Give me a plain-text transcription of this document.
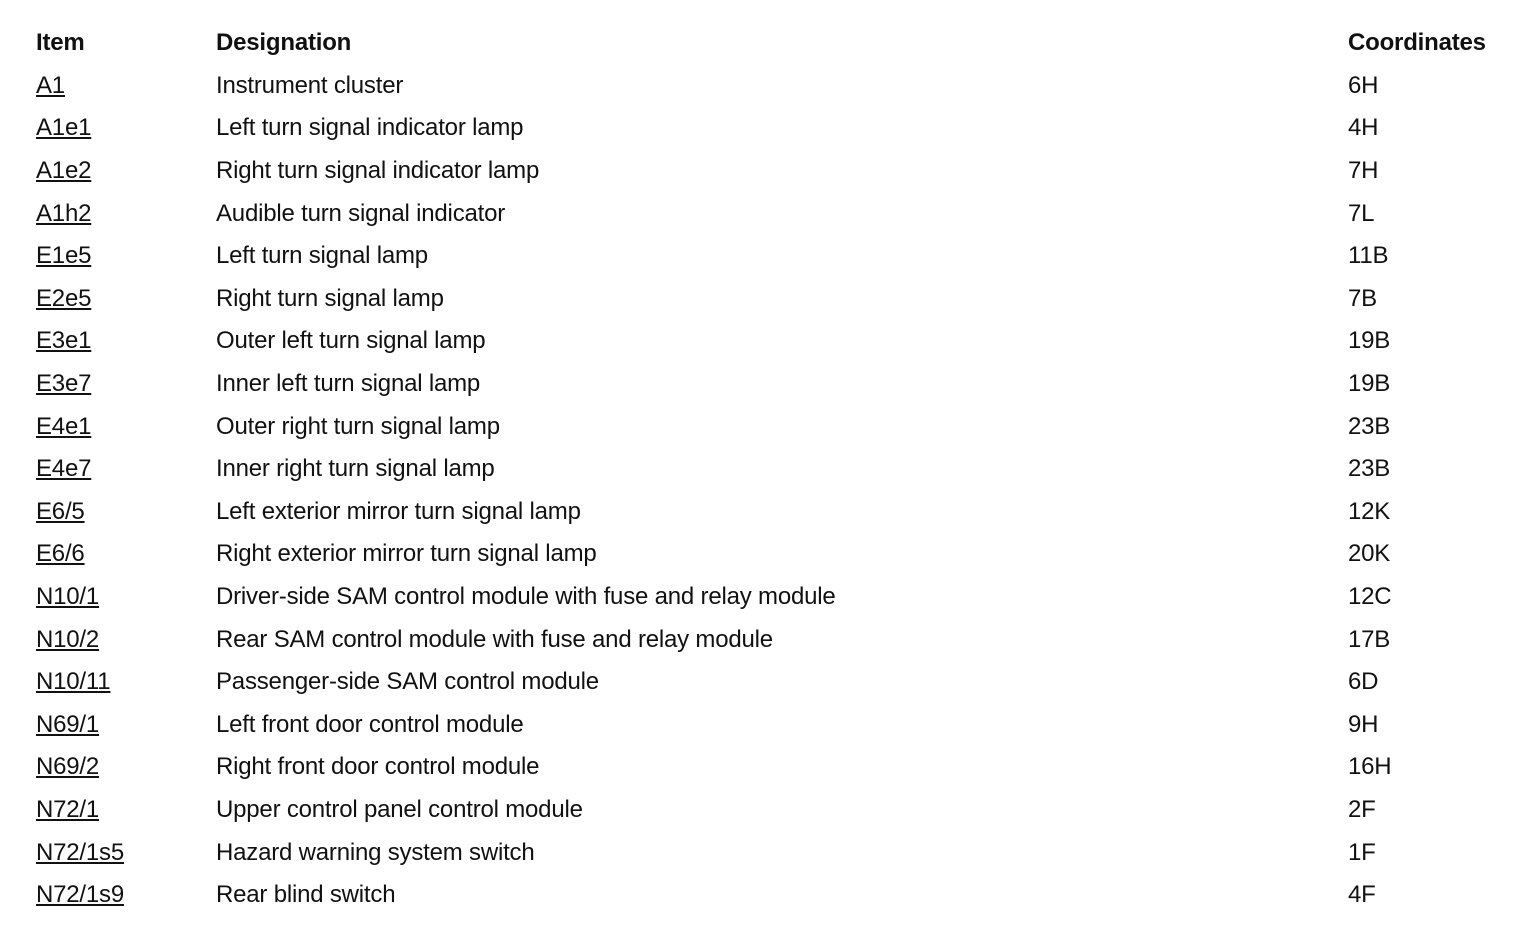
Item	Designation	Coordinates
A1	Instrument cluster	6H
A1e1	Left turn signal indicator lamp	4H
A1e2	Right turn signal indicator lamp	7H
A1h2	Audible turn signal indicator	7L
E1e5	Left turn signal lamp	11B
E2e5	Right turn signal lamp	7B
E3e1	Outer left turn signal lamp	19B
E3e7	Inner left turn signal lamp	19B
E4e1	Outer right turn signal lamp	23B
E4e7	Inner right turn signal lamp	23B
E6/5	Left exterior mirror turn signal lamp	12K
E6/6	Right exterior mirror turn signal lamp	20K
N10/1	Driver-side SAM control module with fuse and relay module	12C
N10/2	Rear SAM control module with fuse and relay module	17B
N10/11	Passenger-side SAM control module	6D
N69/1	Left front door control module	9H
N69/2	Right front door control module	16H
N72/1	Upper control panel control module	2F
N72/1s5	Hazard warning system switch	1F
N72/1s9	Rear blind switch	4F
